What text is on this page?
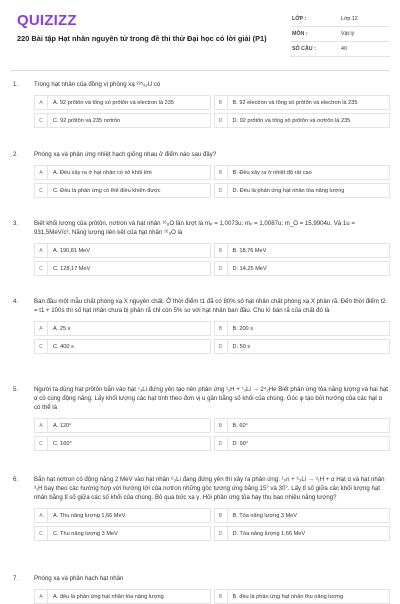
QUIZIZZ
220 Bài tập Hạt nhân nguyên tử trong đề thi thử Đại học có lời giải (P1)
LỚP :	Lớp 12
MÔN :	Vật lý
SỐ CÂU :	40
1.	Trong hạt nhân của đồng vị phóng xạ ²³⁵₉₂U có
A	A. 92 prôtôn và tổng số prôtôn và electron là 235	B	B. 92 electron và tổng số prôtôn và electron là 235
C	C. 92 prôtôn và 235 nơtrôn	D	D. 92 prôtôn và tổng số prôtôn và nơtrôn là 235
2.	Phóng xạ và phản ứng nhiệt hạch giống nhau ở điểm nào sau đây?
A	A. Đều xảy ra ở hạt nhân có số khối lớn	B	B. Đều xảy ra ở nhiệt độ rất cao
C	C. Đều là phản ứng có thể điều khiển được	D	D. Đều là phản ứng hạt nhân tỏa năng lượng
3.	Biết khối lượng của prôtôn, nơtron và hạt nhân ¹⁶₈O lần lượt là mₚ = 1,0073u; mₙ = 1,0087u; m_O = 15,9904u. Và 1u = 931,5MeV/c². Năng lượng liên kết của hạt nhân ¹⁶₈O là
A	A. 190,81 MeV	B	B. 18,76 MeV
C	C. 128,17 MeV	D	D. 14,25 MeV
4.	Ban đầu một mẫu chất phóng xạ X nguyên chất. Ở thời điểm t1 đã có 80% số hạt nhân chất phóng xạ X phân rã. Đến thời điểm t2 = t1 + 100s thì số hạt nhân chưa bị phân rã chỉ còn 5% so với hạt nhân ban đầu. Chu kì bán rã của chất đó là
A	A. 25 s	B	B. 200 s
C	C. 400 s	D	D. 50 s
5.	Người ta dùng hạt prôtôn bắn vào hạt ⁷₃Li đứng yên tạo nên phản ứng ¹₁H + ⁷₃Li → 2⁴₂He Biết phản ứng tỏa năng lượng và hai hạt α có cùng động năng. Lấy khối lượng các hạt tính theo đơn vị u gần bằng số khối của chúng. Góc φ tạo bởi hướng của các hạt α có thể là
A	A. 120°	B	B. 60°
C	C. 160°	D	D. 90°
6.	Bắn hạt nơtron có động năng 2 MeV vào hạt nhân ⁶₃Li đang đứng yên thì xảy ra phản ứng: ¹₀n + ⁶₃Li → ³₁H + α Hạt α và hạt nhân ³₁H bay theo các hướng hợp với hướng tới của nơtron những góc tương ứng bằng 15° và 30°. Lấy tỉ số giữa các khối lượng hạt nhân bằng tỉ số giữa các số khối của chúng. Bỏ qua bức xạ γ. Hỏi phản ứng tỏa hay thu bao nhiêu năng lượng?
A	A. Thu năng lượng 1,66 MeV	B	B. Tỏa năng lượng 3 MeV
C	C. Thu năng lượng 3 MeV	D	D. Tỏa năng lượng 1,66 MeV
7.	Phóng xạ và phân hạch hạt nhân
A	A. đều là phản ứng hạt nhân tỏa năng lượng	B	B. đều là phản ứng hạt nhân thu năng lượng
